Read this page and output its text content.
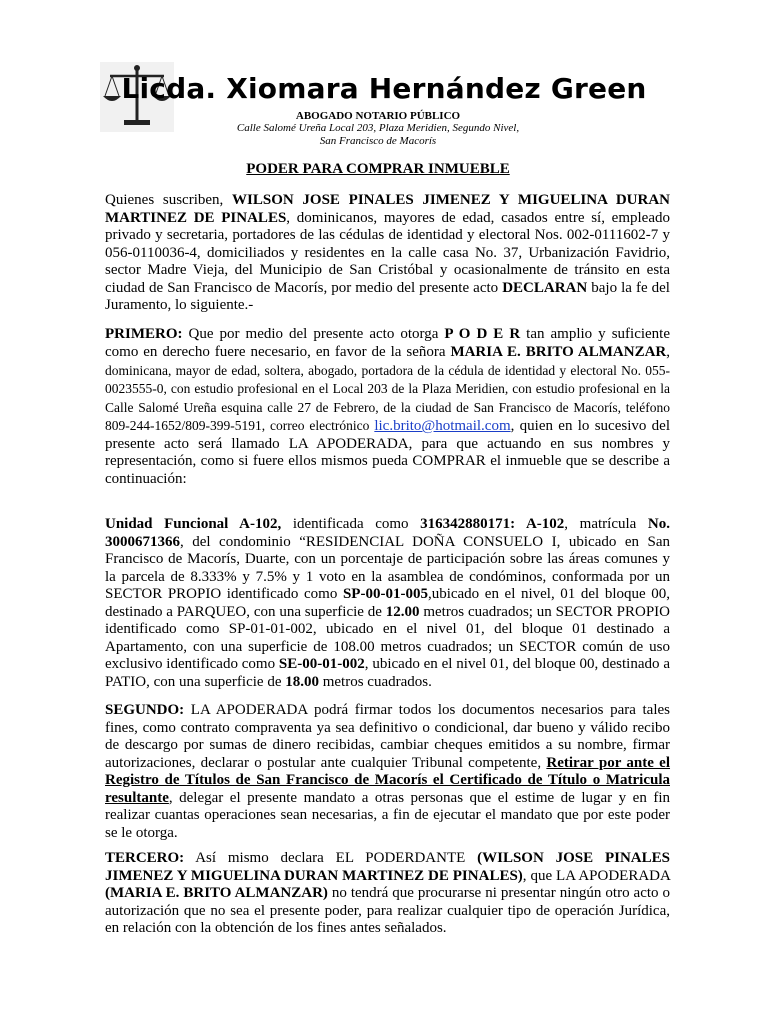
Licda. Xiomara Hernández Green
ABOGADO NOTARIO PÚBLICO
Calle Salomé Ureña Local 203, Plaza Meridien, Segundo Nivel,
San Francisco de Macorís
PODER PARA COMPRAR INMUEBLE

Quienes suscriben, WILSON JOSE PINALES JIMENEZ Y MIGUELINA DURAN MARTINEZ DE PINALES, dominicanos, mayores de edad, casados entre sí, empleado privado y secretaria, portadores de las cédulas de identidad y electoral Nos. 002-0111602-7 y 056-0110036-4, domiciliados y residentes en la calle casa No. 37, Urbanización Favidrio, sector Madre Vieja, del Municipio de San Cristóbal y ocasionalmente de tránsito en esta ciudad de San Francisco de Macorís, por medio del presente acto DECLARAN bajo la fe del Juramento, lo siguiente.-

PRIMERO: Que por medio del presente acto otorga P O D E R tan amplio y suficiente como en derecho fuere necesario, en favor de la señora MARIA E. BRITO ALMANZAR, dominicana, mayor de edad, soltera, abogado, portadora de la cédula de identidad y electoral No. 055-0023555-0, con estudio profesional en el Local 203 de la Plaza Meridien, con estudio profesional en la Calle Salomé Ureña esquina calle 27 de Febrero, de la ciudad de San Francisco de Macorís, teléfono 809-244-1652/809-399-5191, correo electrónico lic.brito@hotmail.com, quien en lo sucesivo del presente acto será llamado LA APODERADA, para que actuando en sus nombres y representación, como si fuere ellos mismos pueda COMPRAR el inmueble que se describe a continuación:

Unidad Funcional A-102, identificada como 316342880171: A-102, matrícula No. 3000671366, del condominio “RESIDENCIAL DOÑA CONSUELO I, ubicado en San Francisco de Macorís, Duarte, con un porcentaje de participación sobre las áreas comunes y la parcela de 8.333% y 7.5% y 1 voto en la asamblea de condóminos, conformada por un SECTOR PROPIO identificado como SP-00-01-005,ubicado en el nivel, 01 del bloque 00, destinado a PARQUEO, con una superficie de 12.00 metros cuadrados; un SECTOR PROPIO identificado como SP-01-01-002, ubicado en el nivel 01, del bloque 01 destinado a Apartamento, con una superficie de 108.00 metros cuadrados; un SECTOR común de uso exclusivo identificado como SE-00-01-002, ubicado en el nivel 01, del bloque 00, destinado a PATIO, con una superficie de 18.00 metros cuadrados.

SEGUNDO: LA APODERADA podrá firmar todos los documentos necesarios para tales fines, como contrato compraventa ya sea definitivo o condicional, dar bueno y válido recibo de descargo por sumas de dinero recibidas, cambiar cheques emitidos a su nombre, firmar autorizaciones, declarar o postular ante cualquier Tribunal competente, Retirar por ante el Registro de Títulos de San Francisco de Macorís el Certificado de Título o Matricula resultante, delegar el presente mandato a otras personas que el estime de lugar y en fin realizar cuantas operaciones sean necesarias, a fin de ejecutar el mandato que por este poder se le otorga.

TERCERO: Así mismo declara EL PODERDANTE (WILSON JOSE PINALES JIMENEZ Y MIGUELINA DURAN MARTINEZ DE PINALES), que LA APODERADA (MARIA E. BRITO ALMANZAR) no tendrá que procurarse ni presentar ningún otro acto o autorización que no sea el presente poder, para realizar cualquier tipo de operación Jurídica, en relación con la obtención de los fines antes señalados.
